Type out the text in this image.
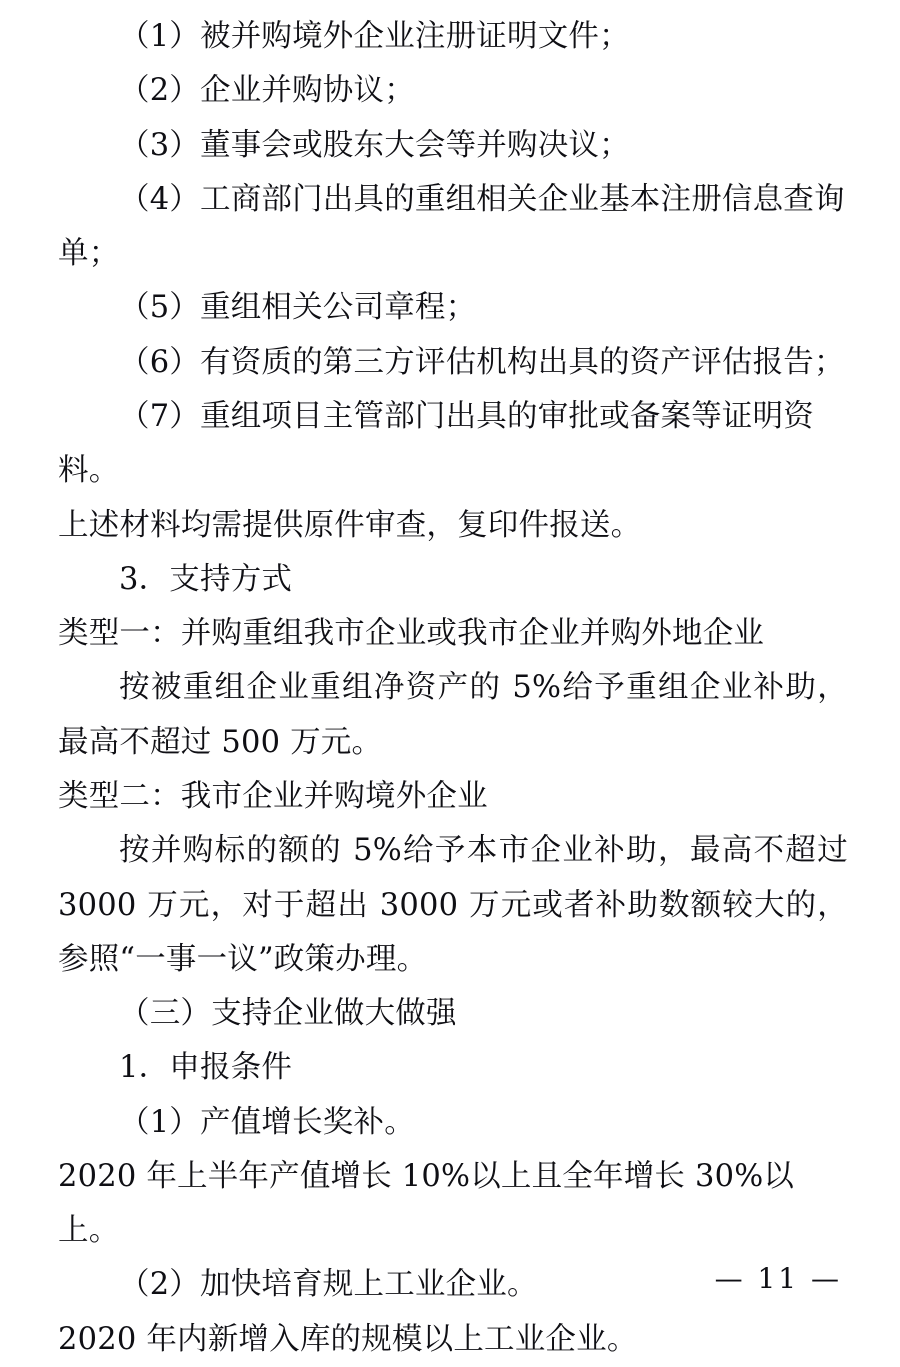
（1）被并购境外企业注册证明文件；

（2）企业并购协议；

（3）董事会或股东大会等并购决议；

（4）工商部门出具的重组相关企业基本注册信息查询单；

（5）重组相关公司章程；

（6）有资质的第三方评估机构出具的资产评估报告；

（7）重组项目主管部门出具的审批或备案等证明资料。

上述材料均需提供原件审查，复印件报送。

3．支持方式

类型一：并购重组我市企业或我市企业并购外地企业

按被重组企业重组净资产的 5%给予重组企业补助，最高不超过 500 万元。

类型二：我市企业并购境外企业

按并购标的额的 5%给予本市企业补助，最高不超过 3000 万元，对于超出 3000 万元或者补助数额较大的，参照“一事一议”政策办理。

（三）支持企业做大做强

1．申报条件

（1）产值增长奖补。

2020 年上半年产值增长 10%以上且全年增长 30%以上。

（2）加快培育规上工业企业。

2020 年内新增入库的规模以上工业企业。

— 11 —
